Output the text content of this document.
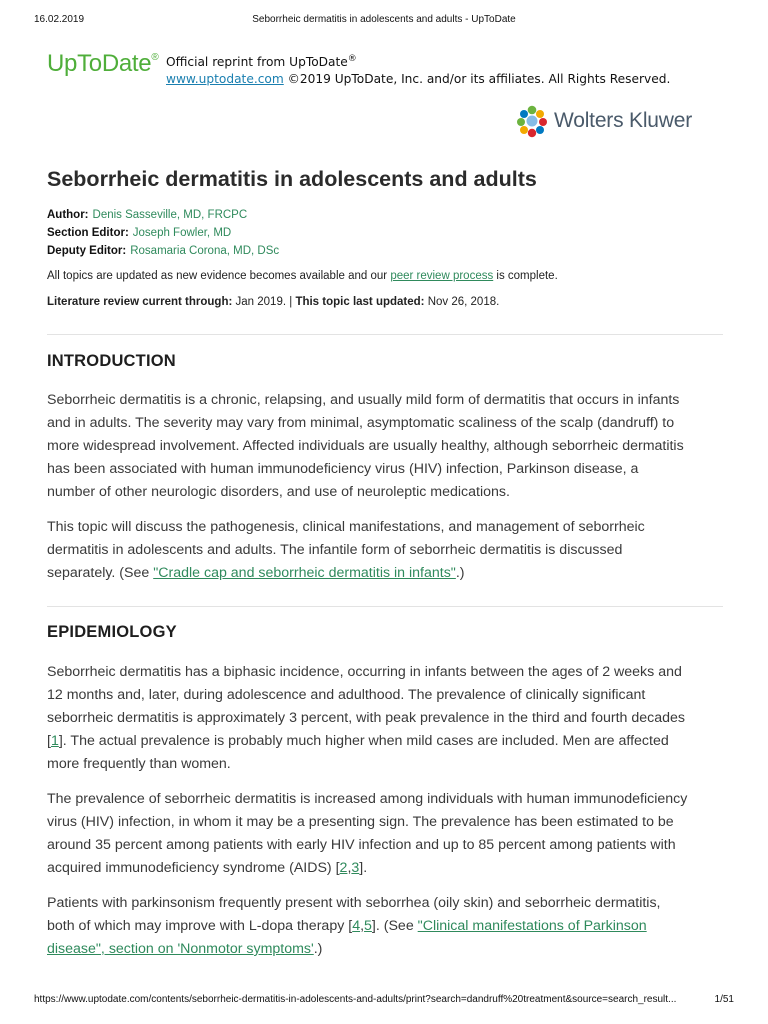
16.02.2019	Seborrheic dermatitis in adolescents and adults - UpToDate
UpToDate® Official reprint from UpToDate®
www.uptodate.com ©2019 UpToDate, Inc. and/or its affiliates. All Rights Reserved.
Wolters Kluwer
Seborrheic dermatitis in adolescents and adults
Author: Denis Sasseville, MD, FRCPC
Section Editor: Joseph Fowler, MD
Deputy Editor: Rosamaria Corona, MD, DSc
All topics are updated as new evidence becomes available and our peer review process is complete.
Literature review current through: Jan 2019. | This topic last updated: Nov 26, 2018.
INTRODUCTION
Seborrheic dermatitis is a chronic, relapsing, and usually mild form of dermatitis that occurs in infants
and in adults. The severity may vary from minimal, asymptomatic scaliness of the scalp (dandruff) to
more widespread involvement. Affected individuals are usually healthy, although seborrheic dermatitis
has been associated with human immunodeficiency virus (HIV) infection, Parkinson disease, a
number of other neurologic disorders, and use of neuroleptic medications.
This topic will discuss the pathogenesis, clinical manifestations, and management of seborrheic
dermatitis in adolescents and adults. The infantile form of seborrheic dermatitis is discussed
separately. (See "Cradle cap and seborrheic dermatitis in infants".)
EPIDEMIOLOGY
Seborrheic dermatitis has a biphasic incidence, occurring in infants between the ages of 2 weeks and
12 months and, later, during adolescence and adulthood. The prevalence of clinically significant
seborrheic dermatitis is approximately 3 percent, with peak prevalence in the third and fourth decades
[1]. The actual prevalence is probably much higher when mild cases are included. Men are affected
more frequently than women.
The prevalence of seborrheic dermatitis is increased among individuals with human immunodeficiency
virus (HIV) infection, in whom it may be a presenting sign. The prevalence has been estimated to be
around 35 percent among patients with early HIV infection and up to 85 percent among patients with
acquired immunodeficiency syndrome (AIDS) [2,3].
Patients with parkinsonism frequently present with seborrhea (oily skin) and seborrheic dermatitis,
both of which may improve with L-dopa therapy [4,5]. (See "Clinical manifestations of Parkinson
disease", section on 'Nonmotor symptoms'.)
https://www.uptodate.com/contents/seborrheic-dermatitis-in-adolescents-and-adults/print?search=dandruff%20treatment&source=search_result...	1/51
